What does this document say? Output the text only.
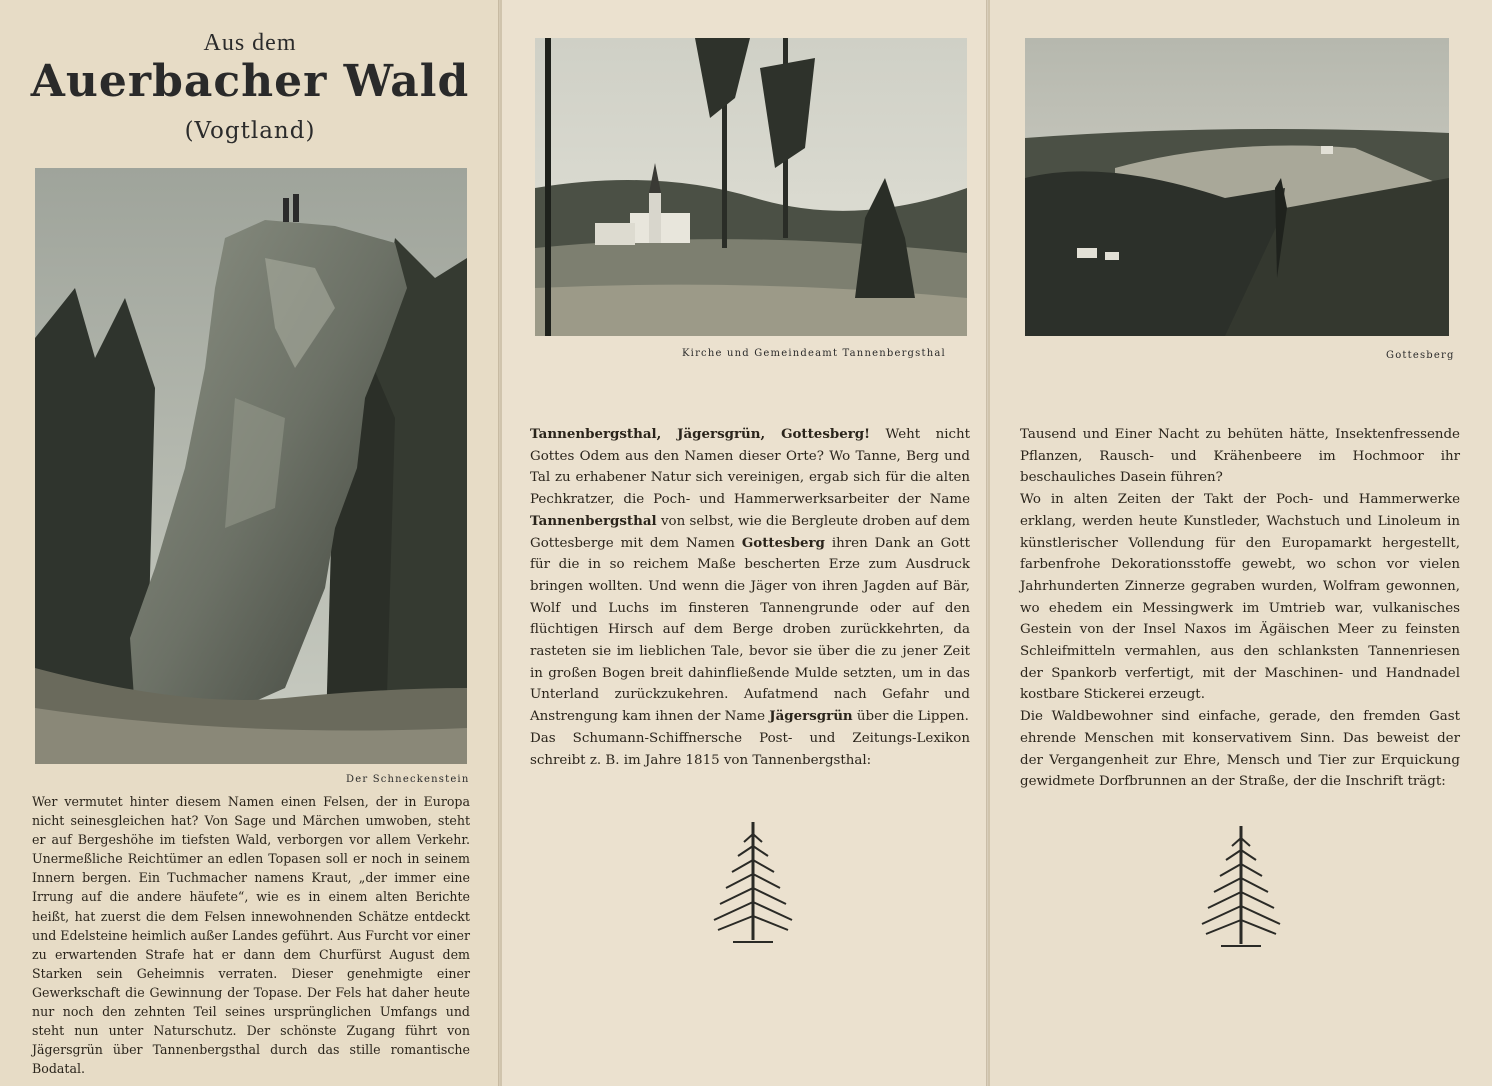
Aus dem
Auerbacher Wald
(Vogtland)
Der Schneckenstein
Wer vermutet hinter diesem Namen einen Felsen, der in Europa nicht seinesgleichen hat? Von Sage und Märchen umwoben, steht er auf Bergeshöhe im tiefsten Wald, verborgen vor allem Verkehr. Unermeßliche Reichtümer an edlen Topasen soll er noch in seinem Innern bergen. Ein Tuchmacher namens Kraut, „der immer eine Irrung auf die andere häufete“, wie es in einem alten Berichte heißt, hat zuerst die dem Felsen innewohnenden Schätze entdeckt und Edelsteine heimlich außer Landes geführt. Aus Furcht vor einer zu erwartenden Strafe hat er dann dem Churfürst August dem Starken sein Geheimnis verraten. Dieser genehmigte einer Gewerkschaft die Gewinnung der Topase. Der Fels hat daher heute nur noch den zehnten Teil seines ursprünglichen Umfangs und steht nun unter Naturschutz. Der schönste Zugang führt von Jägersgrün über Tannenbergsthal durch das stille romantische Bodatal.
Kirche und Gemeindeamt Tannenbergsthal

Tannenbergsthal, Jägersgrün, Gottesberg! Weht nicht Gottes Odem aus den Namen dieser Orte? Wo Tanne, Berg und Tal zu erhabener Natur sich vereinigen, ergab sich für die alten Pechkratzer, die Poch- und Hammerwerksarbeiter der Name Tannenbergsthal von selbst, wie die Bergleute droben auf dem Gottesberge mit dem Namen Gottesberg ihren Dank an Gott für die in so reichem Maße bescherten Erze zum Ausdruck bringen wollten. Und wenn die Jäger von ihren Jagden auf Bär, Wolf und Luchs im finsteren Tannengrunde oder auf den flüchtigen Hirsch auf dem Berge droben zurückkehrten, da rasteten sie im lieblichen Tale, bevor sie über die zu jener Zeit in großen Bogen breit dahinfließende Mulde setzten, um in das Unterland zurückzukehren. Aufatmend nach Gefahr und Anstrengung kam ihnen der Name Jägersgrün über die Lippen.

Das Schumann-Schiffnersche Post- und Zeitungs-Lexikon schreibt z. B. im Jahre 1815 von Tannenbergsthal:

Gottesberg

Tausend und Einer Nacht zu behüten hätte, Insektenfressende Pflanzen, Rausch- und Krähenbeere im Hochmoor ihr beschauliches Dasein führen?

Wo in alten Zeiten der Takt der Poch- und Hammerwerke erklang, werden heute Kunstleder, Wachstuch und Linoleum in künstlerischer Vollendung für den Europamarkt hergestellt, farbenfrohe Dekorationsstoffe gewebt, wo schon vor vielen Jahrhunderten Zinnerze gegraben wurden, Wolfram gewonnen, wo ehedem ein Messingwerk im Umtrieb war, vulkanisches Gestein von der Insel Naxos im Ägäischen Meer zu feinsten Schleifmitteln vermahlen, aus den schlanksten Tannenriesen der Spankorb verfertigt, mit der Maschinen- und Handnadel kostbare Stickerei erzeugt.

Die Waldbewohner sind einfache, gerade, den fremden Gast ehrende Menschen mit konservativem Sinn. Das beweist der der Vergangenheit zur Ehre, Mensch und Tier zur Erquickung gewidmete Dorfbrunnen an der Straße, der die Inschrift trägt:
